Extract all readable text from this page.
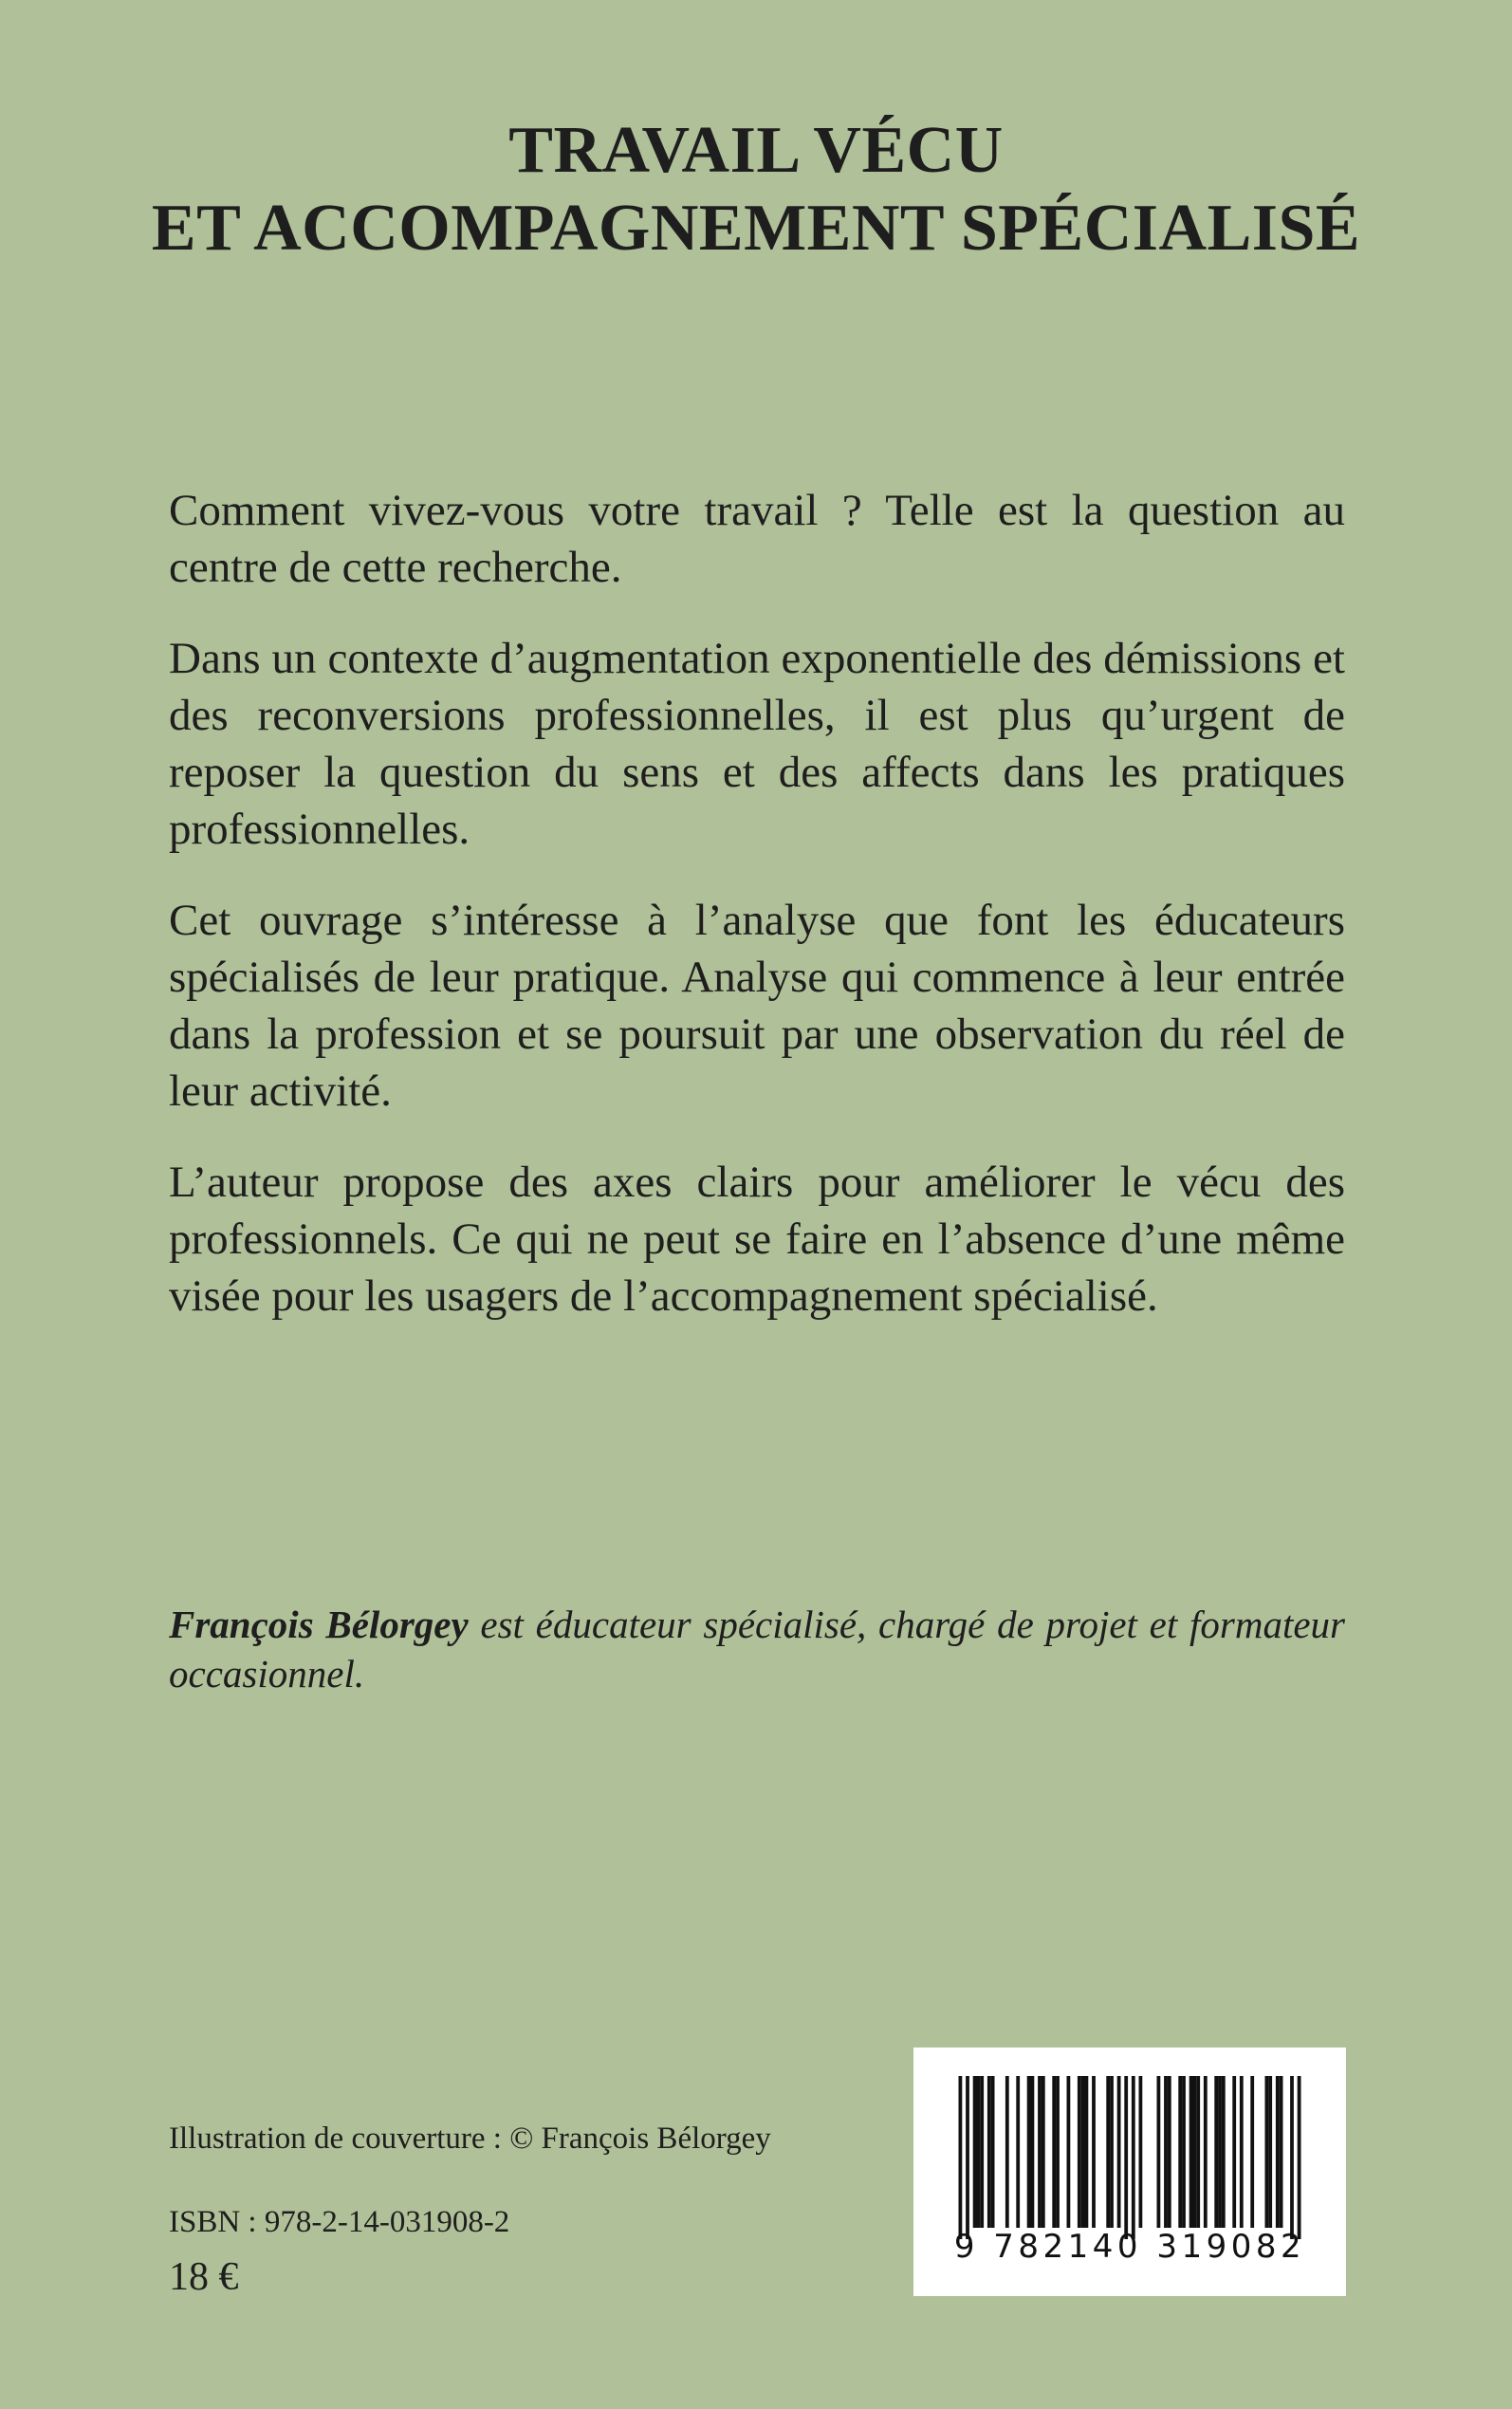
TRAVAIL VÉCU
ET ACCOMPAGNEMENT SPÉCIALISÉ

Comment vivez-vous votre travail ? Telle est la question au centre de cette recherche.

Dans un contexte d’augmentation exponentielle des démissions et des reconversions professionnelles, il est plus qu’urgent de reposer la question du sens et des affects dans les pratiques professionnelles.

Cet ouvrage s’intéresse à l’analyse que font les éducateurs spécialisés de leur pratique. Analyse qui commence à leur entrée dans la profession et se poursuit par une observation du réel de leur activité.

L’auteur propose des axes clairs pour améliorer le vécu des professionnels. Ce qui ne peut se faire en l’absence d’une même visée pour les usagers de l’accompagnement spécialisé.

François Bélorgey est éducateur spécialisé, chargé de projet et formateur occasionnel.

Illustration de couverture : © François Bélorgey

ISBN : 978-2-14-031908-2

18 €

9 782140 319082
